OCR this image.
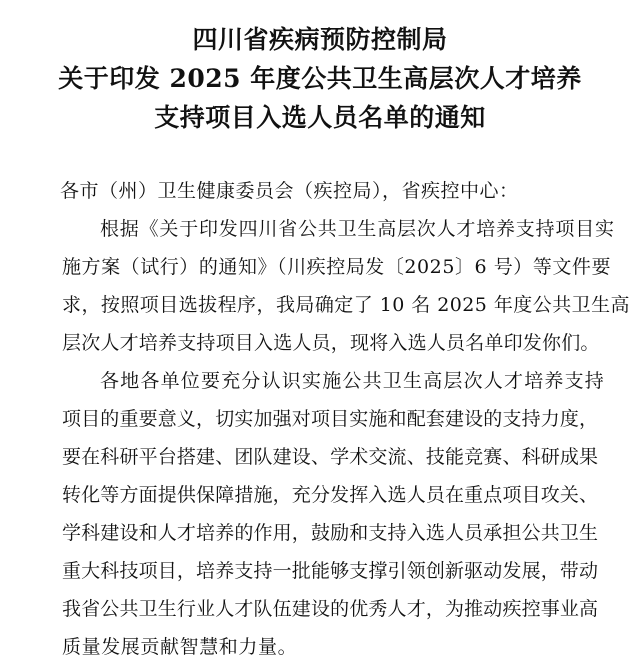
四川省疾病预防控制局
关于印发 2025 年度公共卫生高层次人才培养
支持项目入选人员名单的通知
各市（州）卫生健康委员会（疾控局），省疾控中心：
根据《关于印发四川省公共卫生高层次人才培养支持项目实
施方案（试行）的通知》（川疾控局发〔2025〕6 号）等文件要
求，按照项目选拔程序，我局确定了 10 名 2025 年度公共卫生高
层次人才培养支持项目入选人员，现将入选人员名单印发你们。
各地各单位要充分认识实施公共卫生高层次人才培养支持
项目的重要意义，切实加强对项目实施和配套建设的支持力度，
要在科研平台搭建、团队建设、学术交流、技能竞赛、科研成果
转化等方面提供保障措施，充分发挥入选人员在重点项目攻关、
学科建设和人才培养的作用，鼓励和支持入选人员承担公共卫生
重大科技项目，培养支持一批能够支撑引领创新驱动发展，带动
我省公共卫生行业人才队伍建设的优秀人才，为推动疾控事业高
质量发展贡献智慧和力量。
